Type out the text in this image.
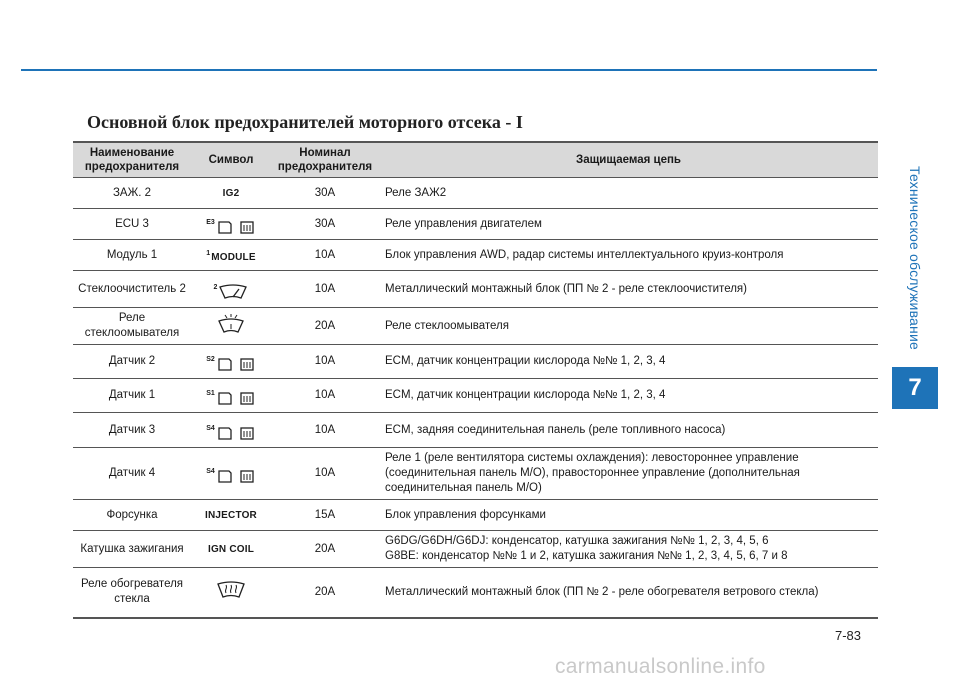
Техническое обслуживание
7
Основной блок предохранителей моторного отсека - I
Наименование предохранителя	Символ	Номинал предохранителя	Защищаемая цепь
ЗАЖ. 2	IG2	30A	Реле ЗАЖ2
ECU 3	E3	30A	Реле управления двигателем
Модуль 1	1 MODULE	10A	Блок управления AWD, радар системы интеллектуального круиз-контроля
Стеклоочиститель 2	2	10A	Металлический монтажный блок (ПП № 2 - реле стеклоочистителя)
Реле стеклоомывателя		20A	Реле стеклоомывателя
Датчик 2	S2	10A	ECM, датчик концентрации кислорода №№ 1, 2, 3, 4
Датчик 1	S1	10A	ECM, датчик концентрации кислорода №№ 1, 2, 3, 4
Датчик 3	S4	10A	ECM, задняя соединительная панель (реле топливного насоса)
Датчик 4	S4	10A	Реле 1 (реле вентилятора системы охлаждения): левостороннее управление (соединительная панель М/О), правостороннее управление (дополнительная соединительная панель М/О)
Форсунка	INJECTOR	15A	Блок управления форсунками
Катушка зажигания	IGN COIL	20A	G6DG/G6DH/G6DJ: конденсатор, катушка зажигания №№ 1, 2, 3, 4, 5, 6
G8BE: конденсатор №№ 1 и 2, катушка зажигания №№ 1, 2, 3, 4, 5, 6, 7 и 8

Реле обогревателя стекла		20A	Металлический монтажный блок (ПП № 2 - реле обогревателя ветрового стекла)
7-83
carmanualsonline.info
